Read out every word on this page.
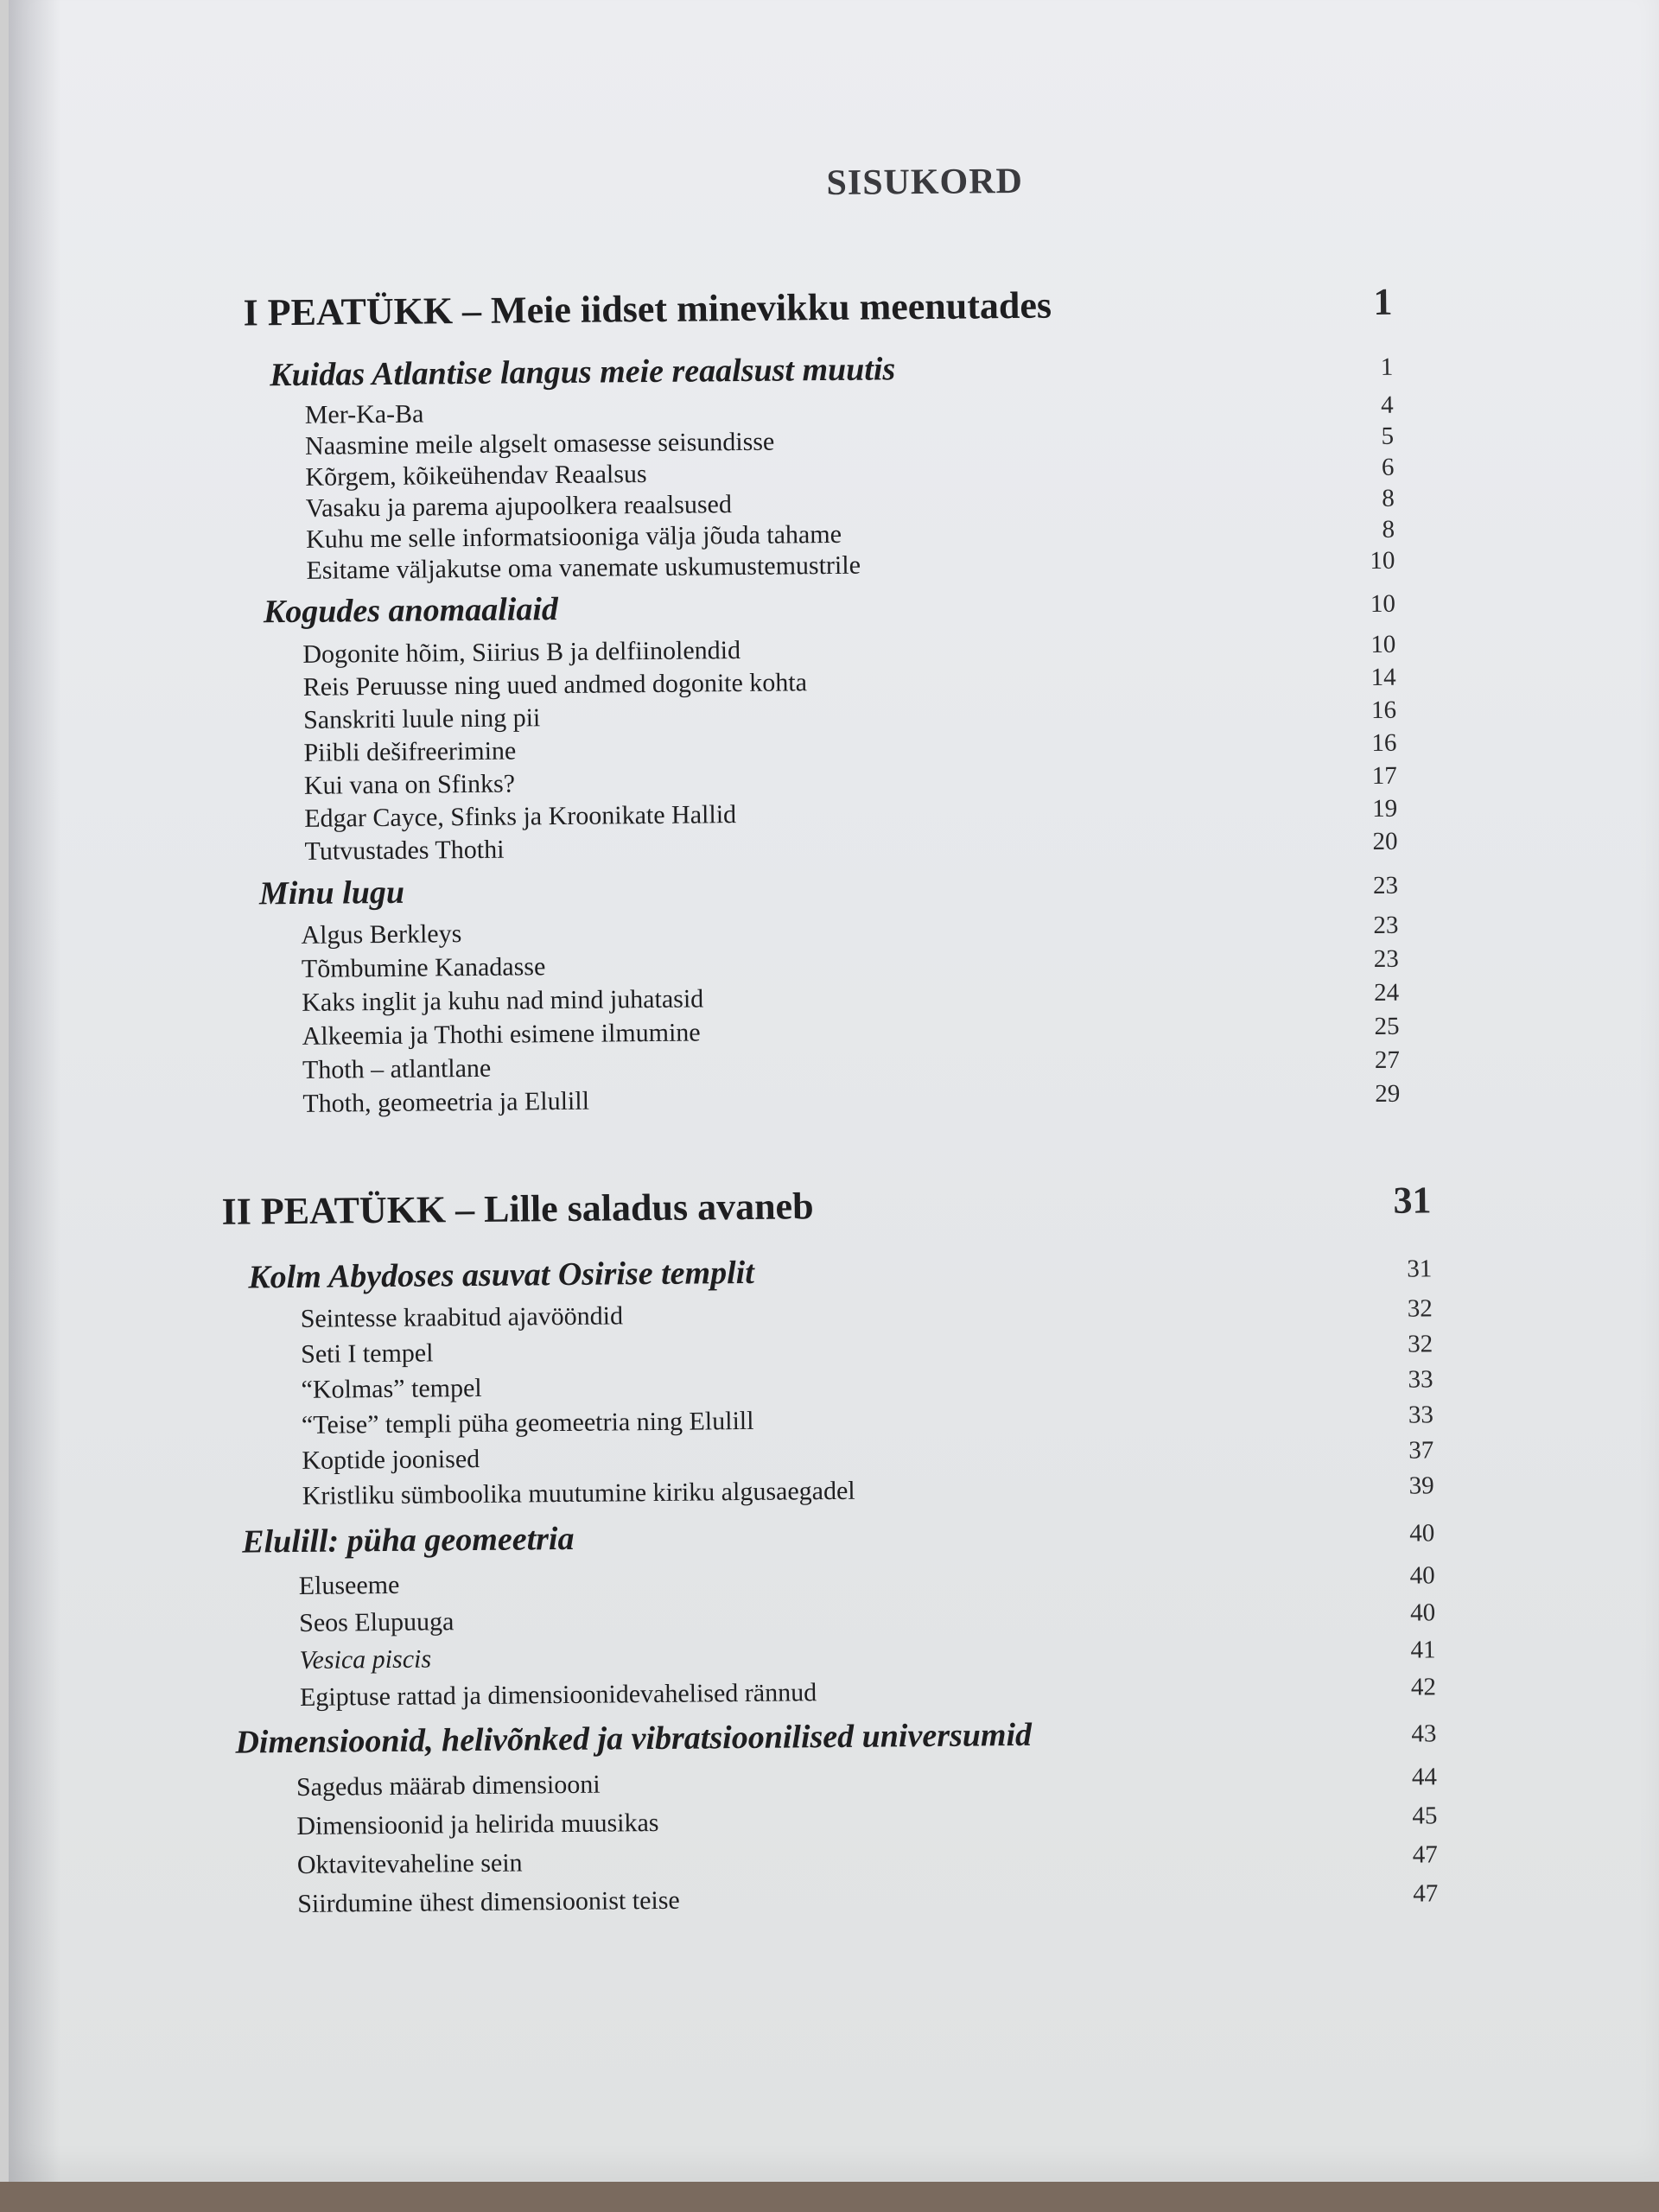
SISUKORD
I PEATÜKK – Meie iidset minevikku meenutades	1
Kuidas Atlantise langus meie reaalsust muutis	1
Mer-Ka-Ba	4
Naasmine meile algselt omasesse seisundisse	5
Kõrgem, kõikeühendav Reaalsus	6
Vasaku ja parema ajupoolkera reaalsused	8
Kuhu me selle informatsiooniga välja jõuda tahame	8
Esitame väljakutse oma vanemate uskumustemustrile	10
Kogudes anomaaliaid	10
Dogonite hõim, Siirius B ja delfiinolendid	10
Reis Peruusse ning uued andmed dogonite kohta	14
Sanskriti luule ning pii	16
Piibli dešifreerimine	16
Kui vana on Sfinks?	17
Edgar Cayce, Sfinks ja Kroonikate Hallid	19
Tutvustades Thothi	20
Minu lugu	23
Algus Berkleys	23
Tõmbumine Kanadasse	23
Kaks inglit ja kuhu nad mind juhatasid	24
Alkeemia ja Thothi esimene ilmumine	25
Thoth – atlantlane	27
Thoth, geomeetria ja Elulill	29
II PEATÜKK – Lille saladus avaneb	31
Kolm Abydoses asuvat Osirise templit	31
Seintesse kraabitud ajavööndid	32
Seti I tempel	32
“Kolmas” tempel	33
“Teise” templi püha geomeetria ning Elulill	33
Koptide joonised	37
Kristliku sümboolika muutumine kiriku algusaegadel	39
Elulill: püha geomeetria	40
Eluseeme	40
Seos Elupuuga	40
Vesica piscis	41
Egiptuse rattad ja dimensioonidevahelised rännud	42
Dimensioonid, helivõnked ja vibratsioonilised universumid	43
Sagedus määrab dimensiooni	44
Dimensioonid ja helirida muusikas	45
Oktavitevaheline sein	47
Siirdumine ühest dimensioonist teise	47
